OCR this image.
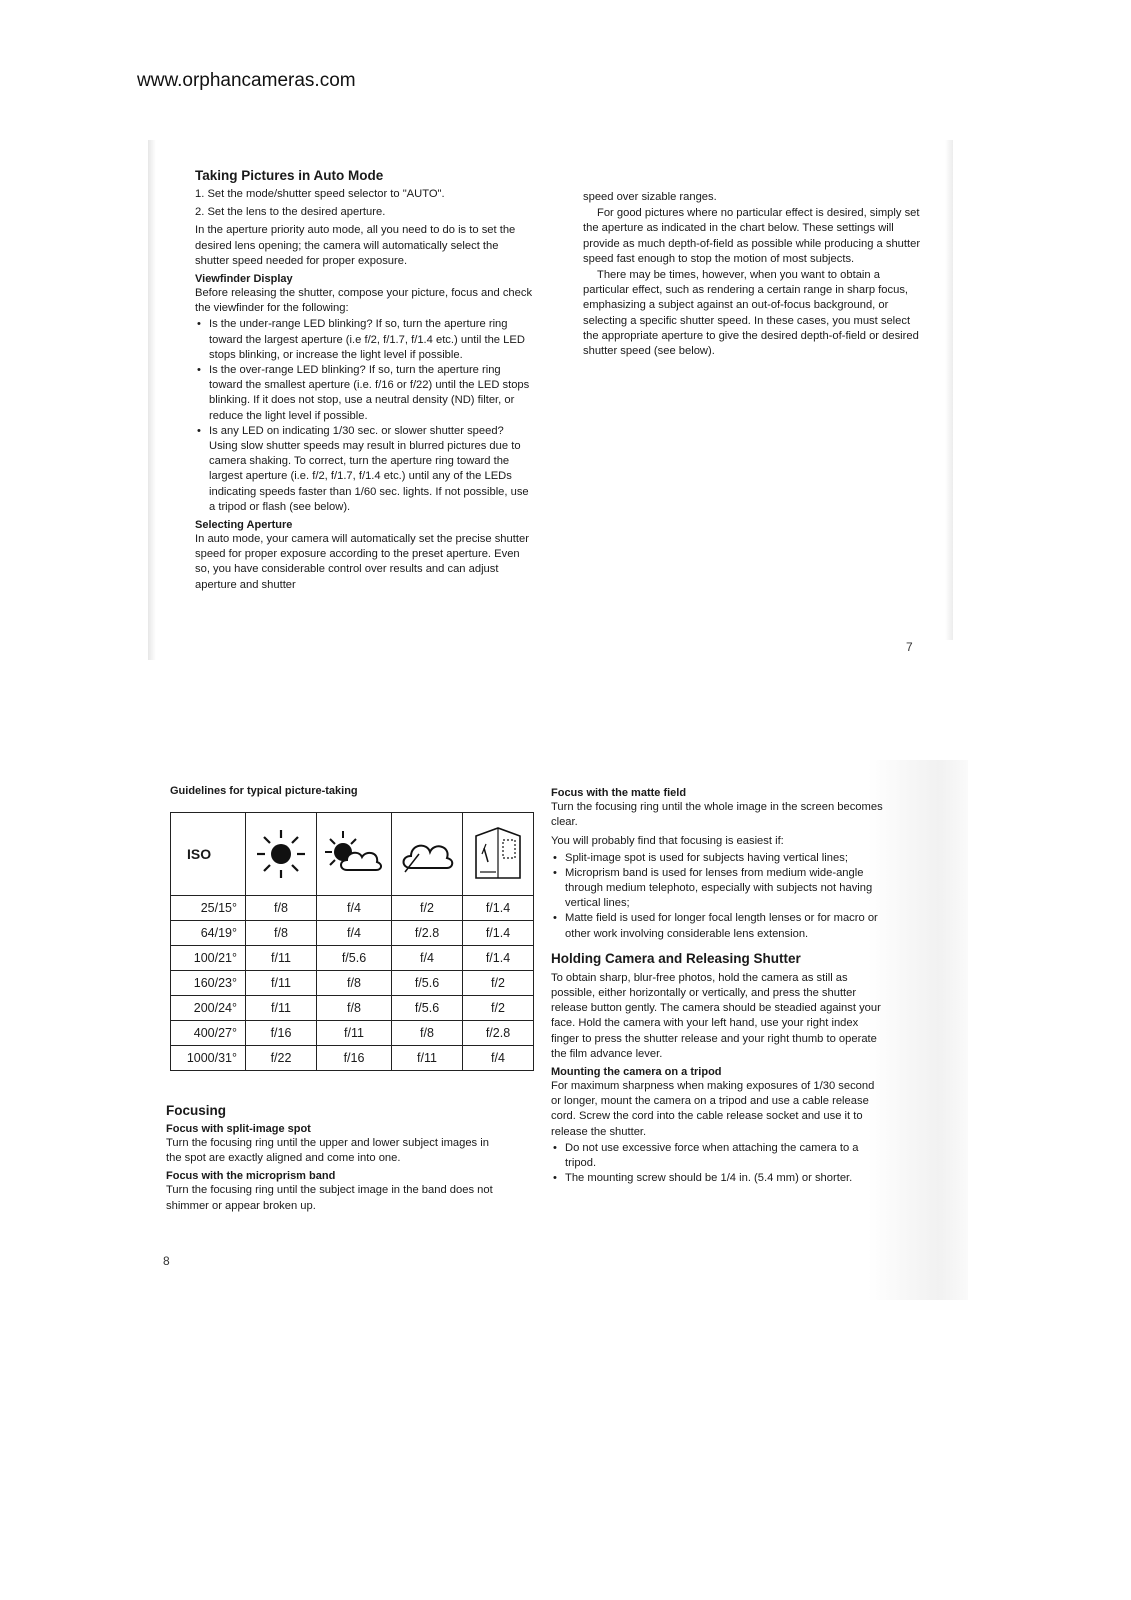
www.orphancameras.com
Taking Pictures in Auto Mode

1. Set the mode/shutter speed selector to "AUTO".

2. Set the lens to the desired aperture.

In the aperture priority auto mode, all you need to do is to set the desired lens opening; the camera will automatically select the shutter speed needed for proper exposure.

Viewfinder Display

Before releasing the shutter, compose your picture, focus and check the viewfinder for the following:

• Is the under-range LED blinking? If so, turn the aperture ring toward the largest aperture (i.e f/2, f/1.7, f/1.4 etc.) until the LED stops blinking, or increase the light level if possible.
• Is the over-range LED blinking? If so, turn the aperture ring toward the smallest aperture (i.e. f/16 or f/22) until the LED stops blinking. If it does not stop, use a neutral density (ND) filter, or reduce the light level if possible.
• Is any LED on indicating 1/30 sec. or slower shutter speed? Using slow shutter speeds may result in blurred pictures due to camera shaking. To correct, turn the aperture ring toward the largest aperture (i.e. f/2, f/1.7, f/1.4 etc.) until any of the LEDs indicating speeds faster than 1/60 sec. lights. If not possible, use a tripod or flash (see below).
Selecting Aperture

In auto mode, your camera will automatically set the precise shutter speed for proper exposure according to the preset aperture. Even so, you have considerable control over results and can adjust aperture and shutter

speed over sizable ranges.

For good pictures where no particular effect is desired, simply set the aperture as indicated in the chart below. These settings will provide as much depth-of-field as possible while producing a shutter speed fast enough to stop the motion of most subjects.

There may be times, however, when you want to obtain a particular effect, such as rendering a certain range in sharp focus, emphasizing a subject against an out-of-focus background, or selecting a specific shutter speed. In these cases, you must select the appropriate aperture to give the desired depth-of-field or desired shutter speed (see below).

7
Guidelines for typical picture-taking
ISO				
25/15°	f/8	f/4	f/2	f/1.4
64/19°	f/8	f/4	f/2.8	f/1.4
100/21°	f/11	f/5.6	f/4	f/1.4
160/23°	f/11	f/8	f/5.6	f/2
200/24°	f/11	f/8	f/5.6	f/2
400/27°	f/16	f/11	f/8	f/2.8
1000/31°	f/22	f/16	f/11	f/4
Focusing
Focus with split-image spot

Turn the focusing ring until the upper and lower subject images in the spot are exactly aligned and come into one.

Focus with the microprism band

Turn the focusing ring until the subject image in the band does not shimmer or appear broken up.

Focus with the matte field

Turn the focusing ring until the whole image in the screen becomes clear.

You will probably find that focusing is easiest if:

• Split-image spot is used for subjects having vertical lines;
• Microprism band is used for lenses from medium wide-angle through medium telephoto, especially with subjects not having vertical lines;
• Matte field is used for longer focal length lenses or for macro or other work involving considerable lens extension.
Holding Camera and Releasing Shutter

To obtain sharp, blur-free photos, hold the camera as still as possible, either horizontally or vertically, and press the shutter release button gently. The camera should be steadied against your face. Hold the camera with your left hand, use your right index finger to press the shutter release and your right thumb to operate the film advance lever.

Mounting the camera on a tripod

For maximum sharpness when making exposures of 1/30 second or longer, mount the camera on a tripod and use a cable release cord. Screw the cord into the cable release socket and use it to release the shutter.

• Do not use excessive force when attaching the camera to a tripod.
• The mounting screw should be 1/4 in. (5.4 mm) or shorter.
8
